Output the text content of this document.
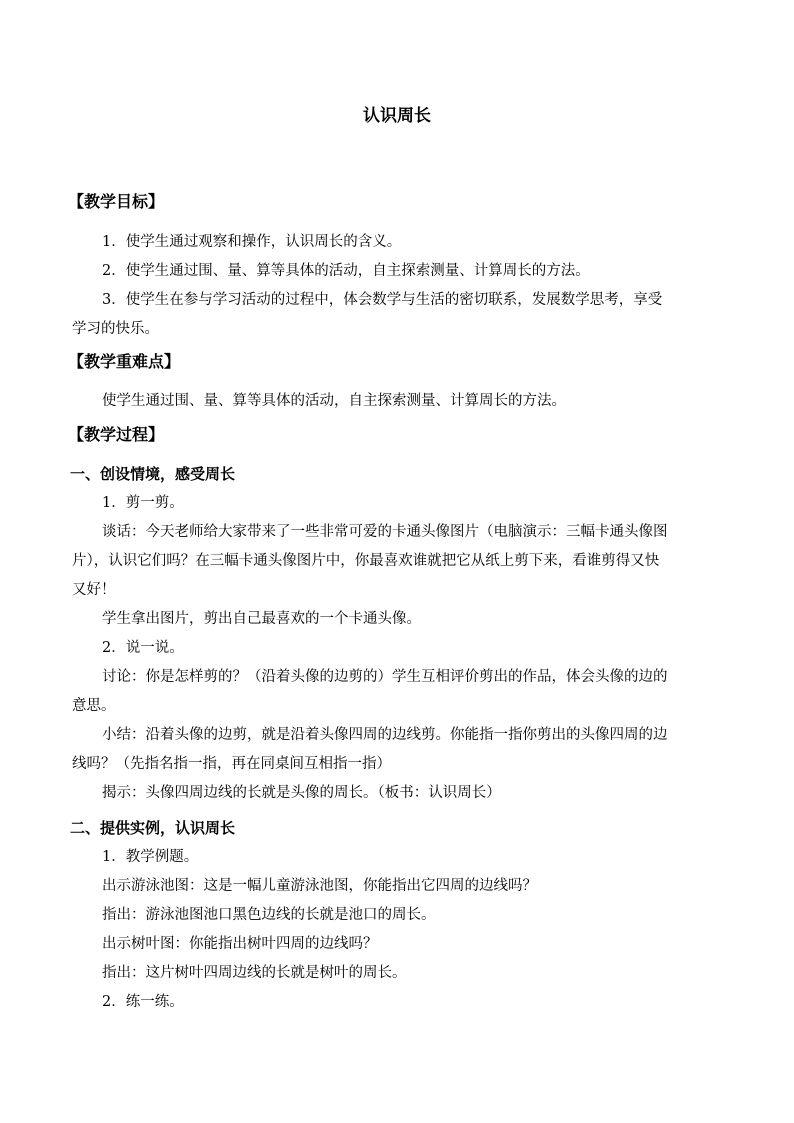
认识周长
【教学目标】
1．使学生通过观察和操作，认识周长的含义。
2．使学生通过围、量、算等具体的活动，自主探索测量、计算周长的方法。
3．使学生在参与学习活动的过程中，体会数学与生活的密切联系，发展数学思考，享受
学习的快乐。
【教学重难点】
使学生通过围、量、算等具体的活动，自主探索测量、计算周长的方法。
【教学过程】
一、创设情境，感受周长
1．剪一剪。
谈话：今天老师给大家带来了一些非常可爱的卡通头像图片（电脑演示：三幅卡通头像图
片），认识它们吗？在三幅卡通头像图片中，你最喜欢谁就把它从纸上剪下来，看谁剪得又快
又好！
学生拿出图片，剪出自己最喜欢的一个卡通头像。
2．说一说。
讨论：你是怎样剪的？（沿着头像的边剪的）学生互相评价剪出的作品，体会头像的边的
意思。
小结：沿着头像的边剪，就是沿着头像四周的边线剪。你能指一指你剪出的头像四周的边
线吗？（先指名指一指，再在同桌间互相指一指）
揭示：头像四周边线的长就是头像的周长。（板书：认识周长）
二、提供实例，认识周长
1．教学例题。
出示游泳池图：这是一幅儿童游泳池图，你能指出它四周的边线吗？
指出：游泳池图池口黑色边线的长就是池口的周长。
出示树叶图：你能指出树叶四周的边线吗？
指出：这片树叶四周边线的长就是树叶的周长。
2．练一练。
